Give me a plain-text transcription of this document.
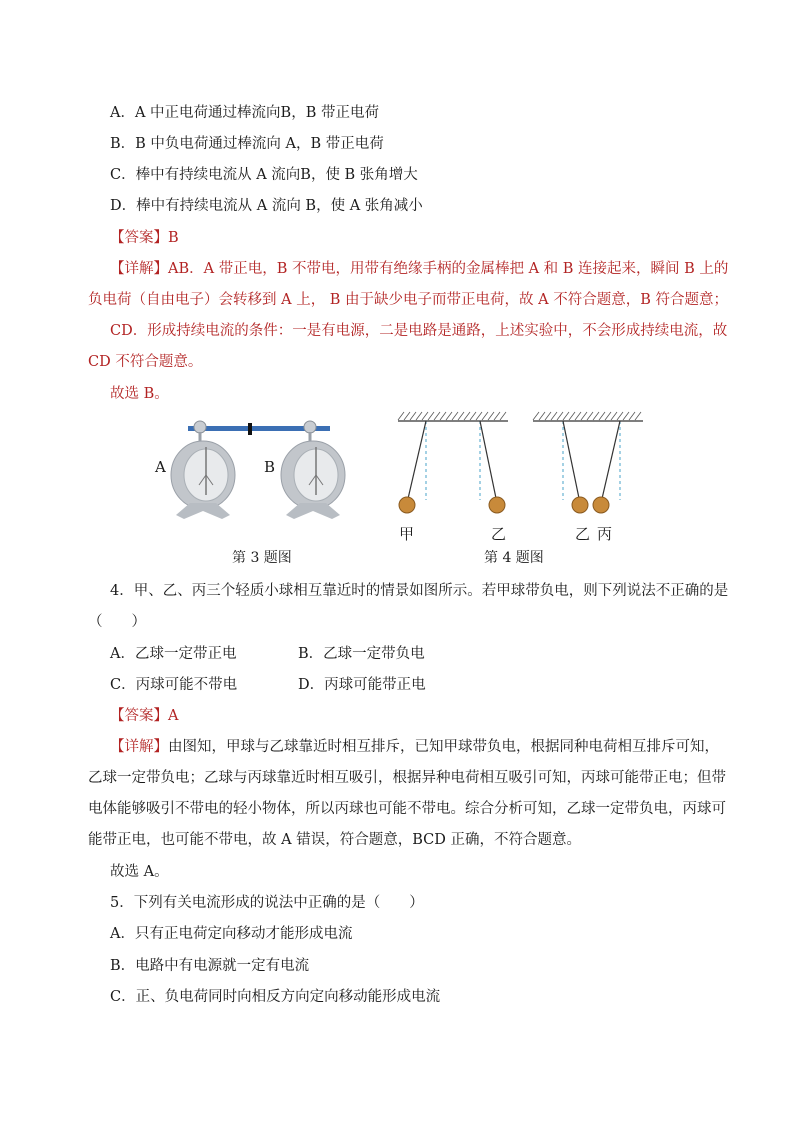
A．A 中正电荷通过棒流向B，B 带正电荷
B．B 中负电荷通过棒流向 A，B 带正电荷
C．棒中有持续电流从 A 流向B，使 B 张角增大
D．棒中有持续电流从 A 流向 B，使 A 张角减小
【答案】B
【详解】AB．A 带正电，B 不带电，用带有绝缘手柄的金属棒把 A 和 B 连接起来，瞬间 B 上的
负电荷（自由电子）会转移到 A 上， B 由于缺少电子而带正电荷，故 A 不符合题意，B 符合题意；
CD．形成持续电流的条件：一是有电源，二是电路是通路，上述实验中，不会形成持续电流，故
CD 不符合题意。
故选 B。
A	B
甲	乙	乙 丙
第 3 题图	第 4 题图
4．甲、乙、丙三个轻质小球相互靠近时的情景如图所示。若甲球带负电，则下列说法不正确的是
（　　）
A．乙球一定带正电	B．乙球一定带负电
C．丙球可能不带电	D．丙球可能带正电
【答案】A
【详解】由图知，甲球与乙球靠近时相互排斥，已知甲球带负电，根据同种电荷相互排斥可知，
乙球一定带负电；乙球与丙球靠近时相互吸引，根据异种电荷相互吸引可知，丙球可能带正电；但带
电体能够吸引不带电的轻小物体，所以丙球也可能不带电。综合分析可知，乙球一定带负电，丙球可
能带正电，也可能不带电，故 A 错误，符合题意，BCD 正确，不符合题意。
故选 A。
5．下列有关电流形成的说法中正确的是（　　）
A．只有正电荷定向移动才能形成电流
B．电路中有电源就一定有电流
C．正、负电荷同时向相反方向定向移动能形成电流
